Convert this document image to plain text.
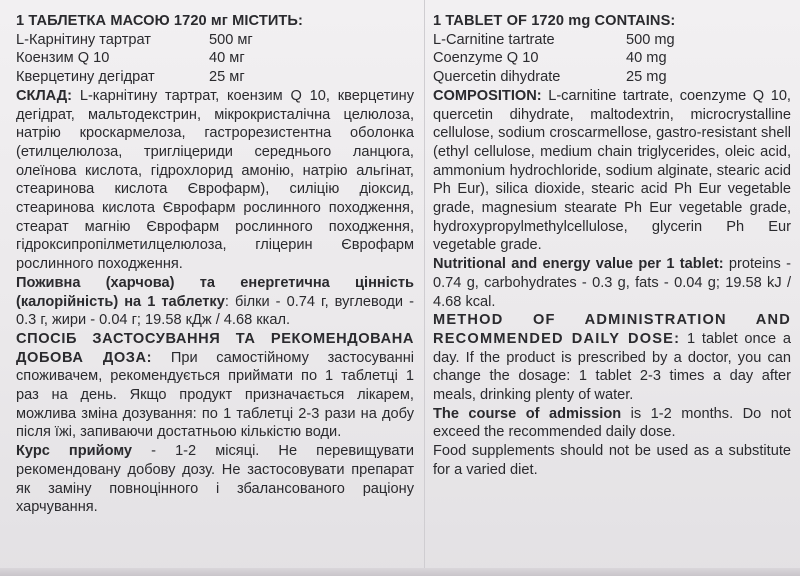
1 ТАБЛЕТКА МАСОЮ 1720 мг МІСТИТЬ:
L-Карнітину тартрат	500 мг
Коензим Q 10	40 мг
Кверцетину дегідрат	25 мг

СКЛАД: L-карнітину тартрат, коензим Q 10, кверцетину дегідрат, мальтодекстрин, мікрокристалічна целюлоза, натрію кроскармелоза, гастрорезистентна оболонка (етилцелюлоза, тригліцериди середнього ланцюга, олеїнова кислота, гідрохлорид амонію, натрію альгінат, стеаринова кислота Єврофарм), силіцію діоксид, стеаринова кислота Єврофарм рослинного походження, стеарат магнію Єврофарм рослинного походження, гідроксипропілметилцелюлоза, гліцерин Єврофарм рослинного походження.

Поживна (харчова) та енергетична цінність (калорійність) на 1 таблетку: білки - 0.74 г, вуглеводи - 0.3 г, жири - 0.04 г; 19.58 кДж / 4.68 ккал.

СПОСІБ ЗАСТОСУВАННЯ ТА РЕКОМЕНДОВАНА ДОБОВА ДОЗА: При самостійному застосуванні споживачем, рекомендується приймати по 1 таблетці 1 раз на день. Якщо продукт призначається лікарем, можлива зміна дозування: по 1 таблетці 2-3 рази на добу після їжі, запиваючи достатньою кількістю води.

Курс прийому - 1-2 місяці. Не перевищувати рекомендовану добову дозу. Не застосовувати препарат як заміну повноцінного і збалансованого раціону харчування.

1 TABLET OF 1720 mg CONTAINS:
L-Carnitine tartrate	500 mg
Coenzyme Q 10	40 mg
Quercetin dihydrate	25 mg

COMPOSITION: L-carnitine tartrate, coenzyme Q 10, quercetin dihydrate, maltodextrin, microcrystalline cellulose, sodium croscarmellose, gastro-resistant shell (ethyl cellulose, medium chain triglycerides, oleic acid, ammonium hydrochloride, sodium alginate, stearic acid Ph Eur), silica dioxide, stearic acid Ph Eur vegetable grade, magnesium stearate Ph Eur vegetable grade, hydroxypropylmethylcellulose, glycerin Ph Eur vegetable grade.

Nutritional and energy value per 1 tablet: proteins - 0.74 g, carbohydrates - 0.3 g, fats - 0.04 g; 19.58 kJ / 4.68 kcal.

METHOD OF ADMINISTRATION AND RECOMMENDED DAILY DOSE: 1 tablet once a day. If the product is prescribed by a doctor, you can change the dosage: 1 tablet 2-3 times a day after meals, drinking plenty of water.

The course of admission is 1-2 months. Do not exceed the recommended daily dose.

Food supplements should not be used as a substitute for a varied diet.
